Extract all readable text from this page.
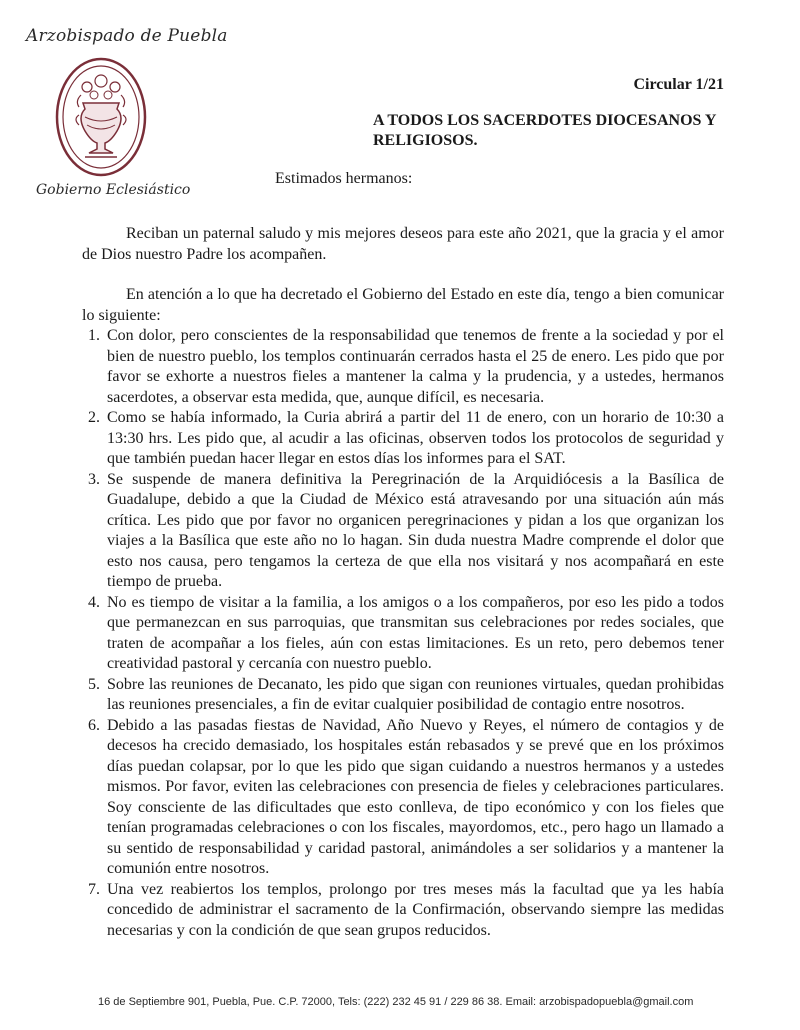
Arzobispado de Puebla
Gobierno Eclesiástico
Circular 1/21
A TODOS LOS SACERDOTES DIOCESANOS Y RELIGIOSOS.
Estimados hermanos:

Reciban un paternal saludo y mis mejores deseos para este año 2021, que la gracia y el amor de Dios nuestro Padre los acompañen.

En atención a lo que ha decretado el Gobierno del Estado en este día, tengo a bien comunicar lo siguiente:

1. Con dolor, pero conscientes de la responsabilidad que tenemos de frente a la sociedad y por el bien de nuestro pueblo, los templos continuarán cerrados hasta el 25 de enero. Les pido que por favor se exhorte a nuestros fieles a mantener la calma y la prudencia, y a ustedes, hermanos sacerdotes, a observar esta medida, que, aunque difícil, es necesaria.
2. Como se había informado, la Curia abrirá a partir del 11 de enero, con un horario de 10:30 a 13:30 hrs. Les pido que, al acudir a las oficinas, observen todos los protocolos de seguridad y que también puedan hacer llegar en estos días los informes para el SAT.
3. Se suspende de manera definitiva la Peregrinación de la Arquidiócesis a la Basílica de Guadalupe, debido a que la Ciudad de México está atravesando por una situación aún más crítica. Les pido que por favor no organicen peregrinaciones y pidan a los que organizan los viajes a la Basílica que este año no lo hagan. Sin duda nuestra Madre comprende el dolor que esto nos causa, pero tengamos la certeza de que ella nos visitará y nos acompañará en este tiempo de prueba.
4. No es tiempo de visitar a la familia, a los amigos o a los compañeros, por eso les pido a todos que permanezcan en sus parroquias, que transmitan sus celebraciones por redes sociales, que traten de acompañar a los fieles, aún con estas limitaciones. Es un reto, pero debemos tener creatividad pastoral y cercanía con nuestro pueblo.
5. Sobre las reuniones de Decanato, les pido que sigan con reuniones virtuales, quedan prohibidas las reuniones presenciales, a fin de evitar cualquier posibilidad de contagio entre nosotros.
6. Debido a las pasadas fiestas de Navidad, Año Nuevo y Reyes, el número de contagios y de decesos ha crecido demasiado, los hospitales están rebasados y se prevé que en los próximos días puedan colapsar, por lo que les pido que sigan cuidando a nuestros hermanos y a ustedes mismos. Por favor, eviten las celebraciones con presencia de fieles y celebraciones particulares. Soy consciente de las dificultades que esto conlleva, de tipo económico y con los fieles que tenían programadas celebraciones o con los fiscales, mayordomos, etc., pero hago un llamado a su sentido de responsabilidad y caridad pastoral, animándoles a ser solidarios y a mantener la comunión entre nosotros.
7. Una vez reabiertos los templos, prolongo por tres meses más la facultad que ya les había concedido de administrar el sacramento de la Confirmación, observando siempre las medidas necesarias y con la condición de que sean grupos reducidos.
16 de Septiembre 901, Puebla, Pue. C.P. 72000, Tels: (222) 232 45 91 / 229 86 38. Email: arzobispadopuebla@gmail.com
